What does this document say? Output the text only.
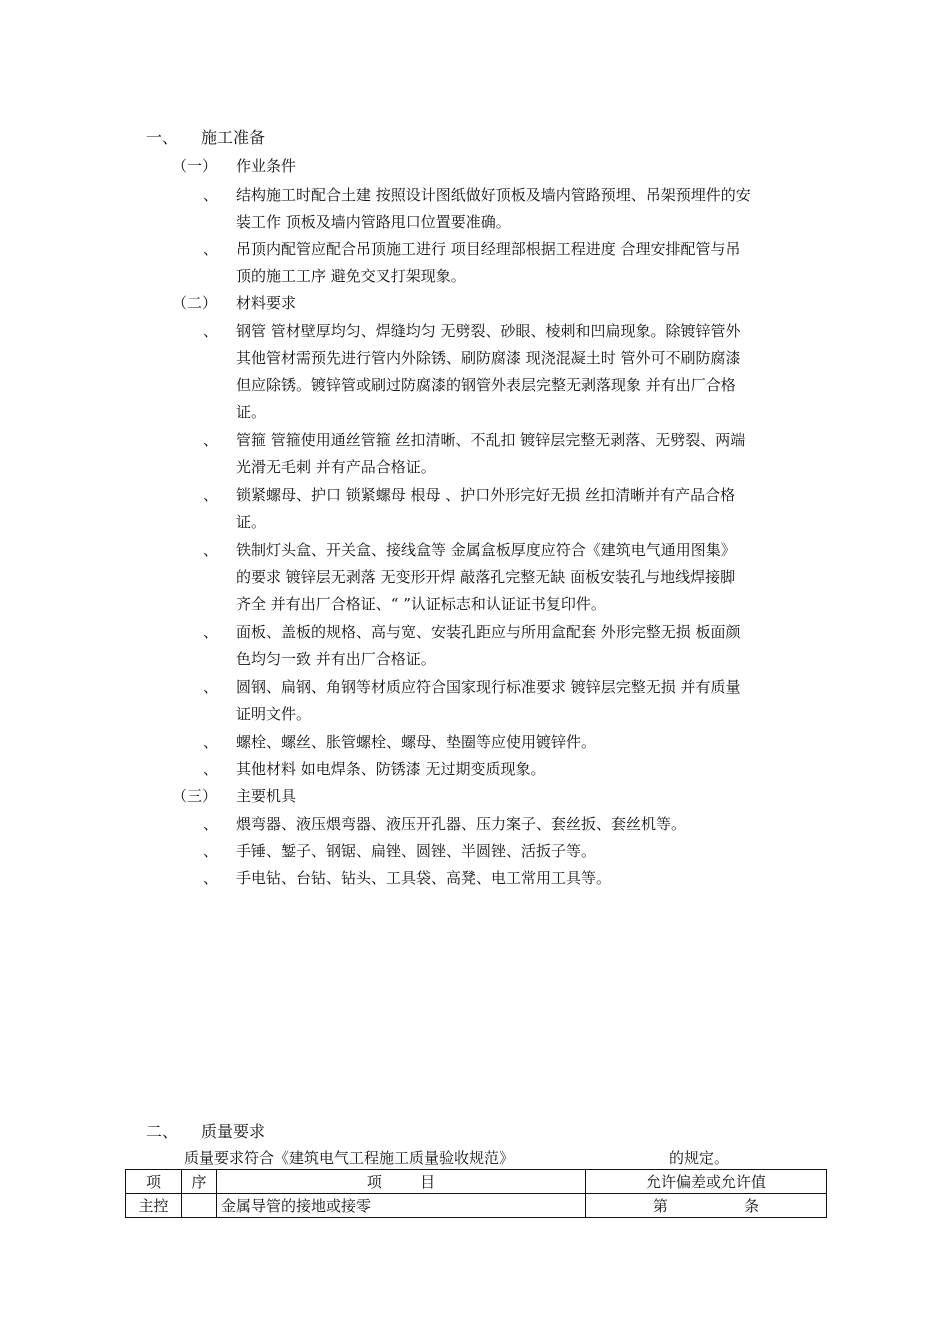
一、 施工准备
（一） 作业条件
、 结构施工时配合土建 按照设计图纸做好顶板及墙内管路预埋、吊架预埋件的安
装工作 顶板及墙内管路甩口位置要准确。
、 吊顶内配管应配合吊顶施工进行 项目经理部根据工程进度 合理安排配管与吊
顶的施工工序 避免交叉打架现象。
（二） 材料要求
、 钢管 管材壁厚均匀、焊缝均匀 无劈裂、砂眼、棱刺和凹扁现象。除镀锌管外
其他管材需预先进行管内外除锈、刷防腐漆 现浇混凝土时 管外可不刷防腐漆
但应除锈。镀锌管或刷过防腐漆的钢管外表层完整无剥落现象 并有出厂合格
证。
、 管箍 管箍使用通丝管箍 丝扣清晰、不乱扣 镀锌层完整无剥落、无劈裂、两端
光滑无毛刺 并有产品合格证。
、 锁紧螺母、护口 锁紧螺母 根母 、护口外形完好无损 丝扣清晰并有产品合格
证。
、 铁制灯头盒、开关盒、接线盒等 金属盒板厚度应符合《建筑电气通用图集》
的要求 镀锌层无剥落 无变形开焊 敲落孔完整无缺 面板安装孔与地线焊接脚
齐全 并有出厂合格证、“ ”认证标志和认证证书复印件。
、 面板、盖板的规格、高与宽、安装孔距应与所用盒配套 外形完整无损 板面颜
色均匀一致 并有出厂合格证。
、 圆钢、扁钢、角钢等材质应符合国家现行标准要求 镀锌层完整无损 并有质量
证明文件。
、 螺栓、螺丝、胀管螺栓、螺母、垫圈等应使用镀锌件。
、 其他材料 如电焊条、防锈漆 无过期变质现象。
（三） 主要机具
、 煨弯器、液压煨弯器、液压开孔器、压力案子、套丝扳、套丝机等。
、 手锤、錾子、钢锯、扁锉、圆锉、半圆锉、活扳子等。
、 手电钻、台钻、钻头、工具袋、高凳、电工常用工具等。
二、 质量要求
质量要求符合《建筑电气工程施工质量验收规范》	的规定。
项	序	项        目	允许偏差或允许值
主控		金属导管的接地或接零	第                条
